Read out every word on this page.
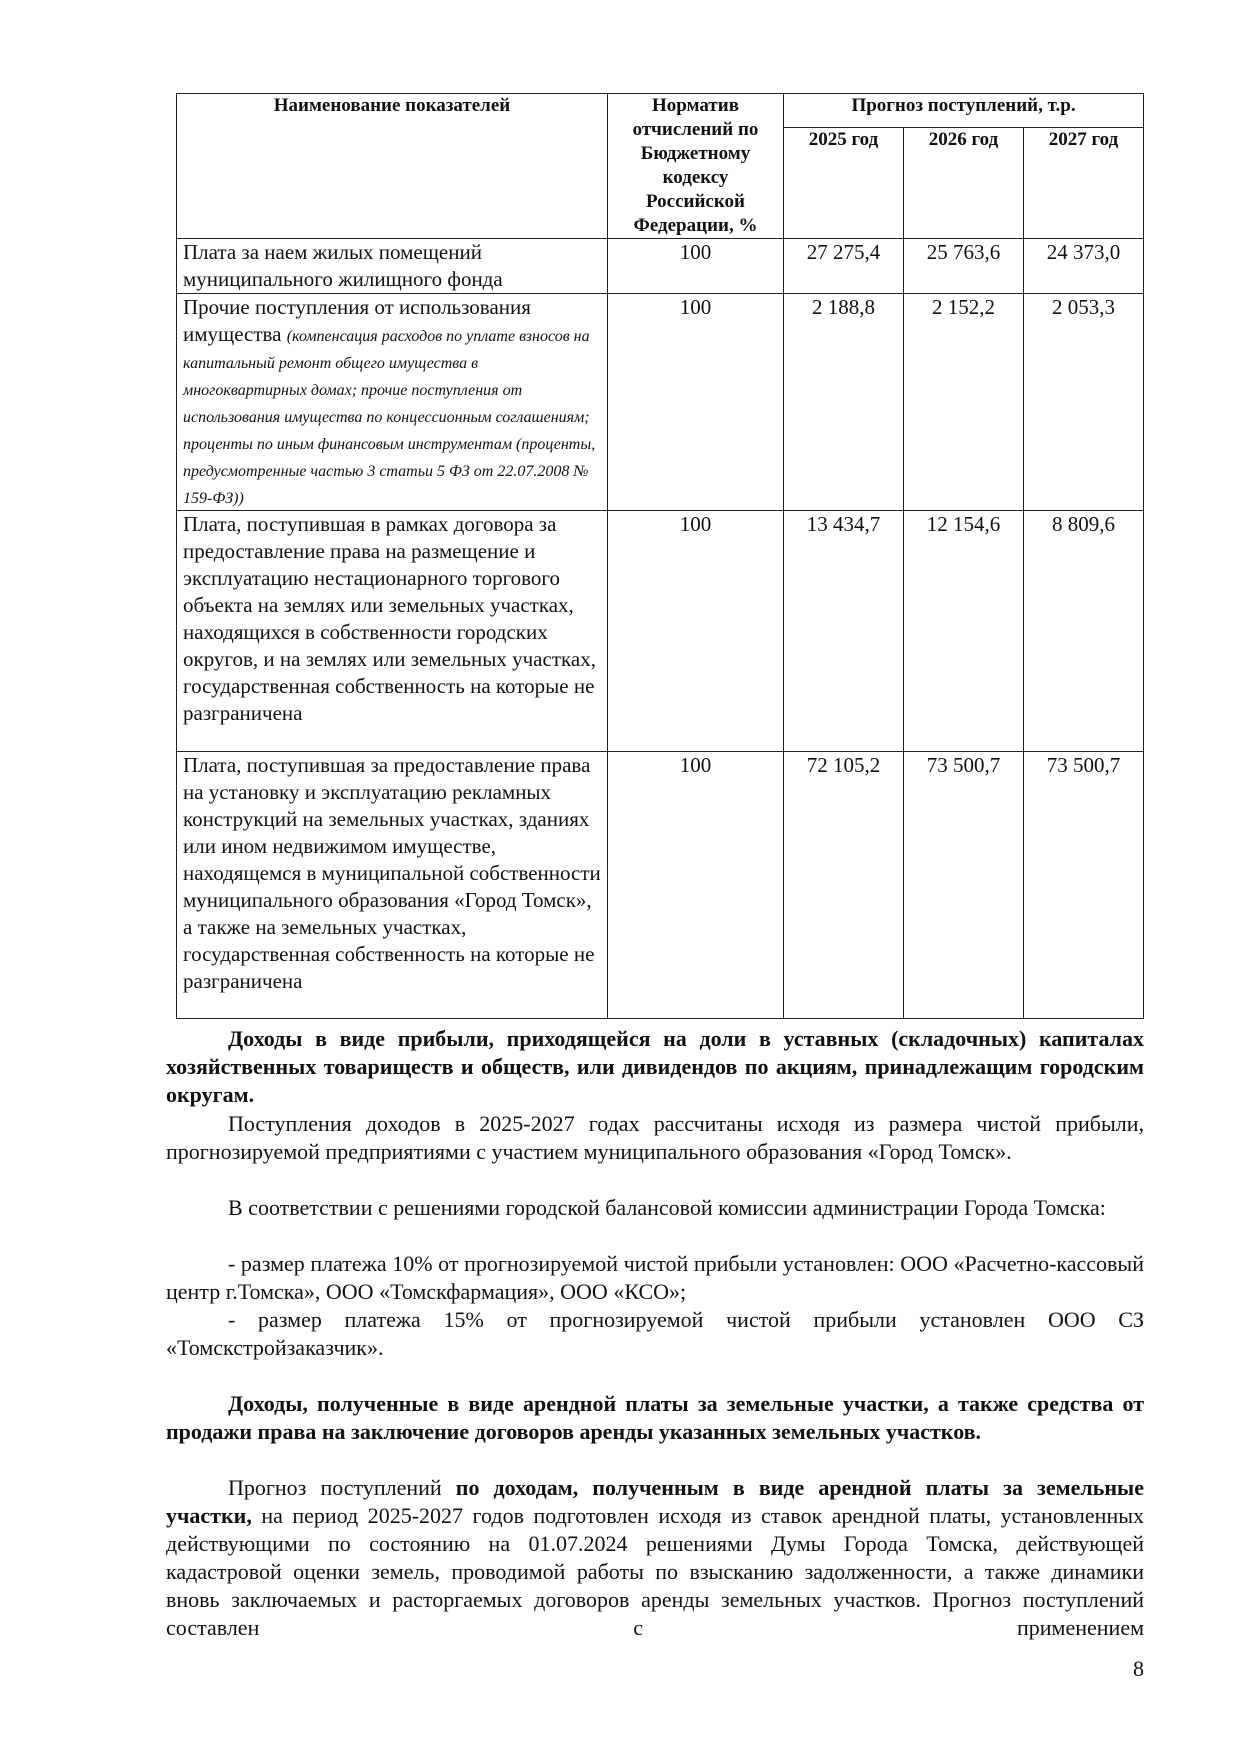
Наименование показателей	Норматив отчислений по Бюджетному кодексу Российской Федерации, %	Прогноз поступлений, т.р.		
		2025 год	2026 год	2027 год
Плата за наем жилых помещений муниципального жилищного фонда	100	27 275,4	25 763,6	24 373,0
Прочие поступления от использования имущества (компенсация расходов по уплате взносов на капитальный ремонт общего имущества в многоквартирных домах; прочие поступления от использования имущества по концессионным соглашениям; проценты по иным финансовым инструментам (проценты, предусмотренные частью 3 статьи 5 ФЗ от 22.07.2008 № 159-ФЗ))	100	2 188,8	2 152,2	2 053,3
Плата, поступившая в рамках договора за предоставление права на размещение и эксплуатацию нестационарного торгового объекта на землях или земельных участках, находящихся в собственности городских округов, и на землях или земельных участках, государственная собственность на которые не разграничена	100	13 434,7	12 154,6	8 809,6
Плата, поступившая за предоставление права на установку и эксплуатацию рекламных конструкций на земельных участках, зданиях или ином недвижимом имуществе, находящемся в муниципальной собственности муниципального образования «Город Томск», а также на земельных участках, государственная собственность на которые не разграничена	100	72 105,2	73 500,7	73 500,7

Доходы в виде прибыли, приходящейся на доли в уставных (складочных) капиталах хозяйственных товариществ и обществ, или дивидендов по акциям, принадлежащим городским округам.

Поступления доходов в 2025-2027 годах рассчитаны исходя из размера чистой прибыли, прогнозируемой предприятиями с участием муниципального образования «Город Томск».

В соответствии с решениями городской балансовой комиссии администрации Города Томска:

- размер платежа 10% от прогнозируемой чистой прибыли установлен: ООО «Расчетно-кассовый центр г.Томска», ООО «Томскфармация», ООО «КСО»;

- размер платежа 15% от прогнозируемой чистой прибыли установлен ООО СЗ «Томскстройзаказчик».

Доходы, полученные в виде арендной платы за земельные участки, а также средства от продажи права на заключение договоров аренды указанных земельных участков.

Прогноз поступлений по доходам, полученным в виде арендной платы за земельные участки, на период 2025-2027 годов подготовлен исходя из ставок арендной платы, установленных действующими по состоянию на 01.07.2024 решениями Думы Города Томска, действующей кадастровой оценки земель, проводимой работы по взысканию задолженности, а также динамики вновь заключаемых и расторгаемых договоров аренды земельных участков. Прогноз поступлений составлен с применением

8
